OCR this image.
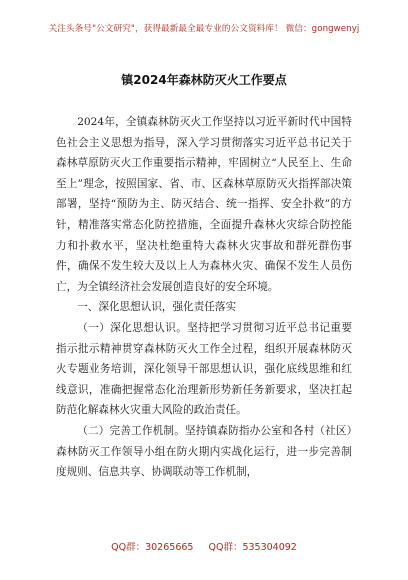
关注头条号"公文研究"，获得最新最全最专业的公文资料库！ 微信：gongwenyj
镇2024年森林防灭火工作要点

2024年，全镇森林防灭火工作坚持以习近平新时代中国特色社会主义思想为指导，深入学习贯彻落实习近平总书记关于森林草原防灭火工作重要指示精神，牢固树立“人民至上、生命至上”理念，按照国家、省、市、区森林草原防灭火指挥部决策部署，坚持“预防为主、防灭结合、统一指挥、安全扑救”的方针，精准落实常态化防控措施，全面提升森林火灾综合防控能力和扑救水平，坚决杜绝重特大森林火灾事故和群死群伤事件，确保不发生较大及以上人为森林火灾、确保不发生人员伤亡，为全镇经济社会发展创造良好的安全环境。

一、深化思想认识，强化责任落实

（一）深化思想认识。坚持把学习贯彻习近平总书记重要指示批示精神贯穿森林防灭火工作全过程，组织开展森林防灭火专题业务培训，深化领导干部思想认识，强化底线思维和红线意识，准确把握常态化治理新形势新任务新要求，坚决扛起防范化解森林火灾重大风险的政治责任。

（二）完善工作机制。坚持镇森防指办公室和各村（社区）森林防灭工作领导小组在防火期内实战化运行，进一步完善制度规则、信息共享、协调联动等工作机制，

QQ群：30265665 QQ群：535304092
